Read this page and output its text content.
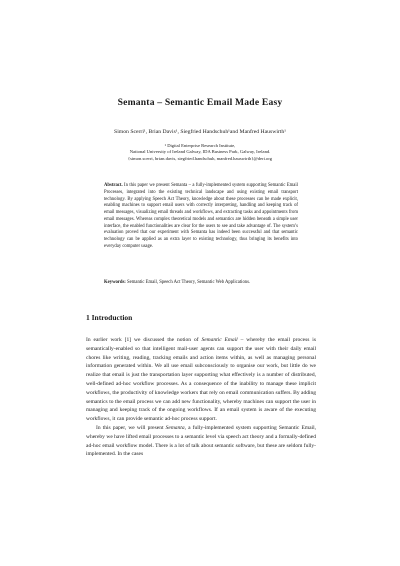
Semanta – Semantic Email Made Easy
Simon Scerri¹, Brian Davis¹, Siegfried Handschuh¹and Manfred Hauswirth¹
¹ Digital Enterprise Research Institute,
National University of Ireland Galway, IDA Business Park, Galway, Ireland.
{simon.scerri, brian.davis, siegfried.handschuh, manfred.hauswirth}@deri.org
Abstract. In this paper we present Semanta – a fully-implemented system supporting Semantic Email Processes, integrated into the existing technical landscape and using existing email transport technology. By applying Speech Act Theory, knowledge about these processes can be made explicit, enabling machines to support email users with correctly interpreting, handling and keeping track of email messages, visualizing email threads and workflows, and extracting tasks and appointments from email messages. Whereas complex theoretical models and semantics are hidden beneath a simple user interface, the enabled functionalities are clear for the users to see and take advantage of. The system’s evaluation proved that our experiment with Semanta has indeed been successful and that semantic technology can be applied as an extra layer to existing technology, thus bringing its benefits into everyday computer usage.
Keywords: Semantic Email, Speech Act Theory, Semantic Web Applications.
1 Introduction

In earlier work [1] we discussed the notion of Semantic Email – whereby the email process is semantically-enabled so that intelligent mail-user agents can support the user with their daily email chores like writing, reading, tracking emails and action items within, as well as managing personal information generated within. We all use email subconsciously to organise our work, but little do we realize that email is just the transportation layer supporting what effectively is a number of distributed, well-defined ad-hoc workflow processes. As a consequence of the inability to manage these implicit workflows, the productivity of knowledge workers that rely on email communication suffers. By adding semantics to the email process we can add new functionality, whereby machines can support the user in managing and keeping track of the ongoing workflows. If an email system is aware of the executing workflows, it can provide semantic ad-hoc process support.

In this paper, we will present Semanta, a fully-implemented system supporting Semantic Email, whereby we have lifted email processes to a semantic level via speech act theory and a formally-defined ad-hoc email workflow model. There is a lot of talk about semantic software, but these are seldom fully-implemented. In the cases
